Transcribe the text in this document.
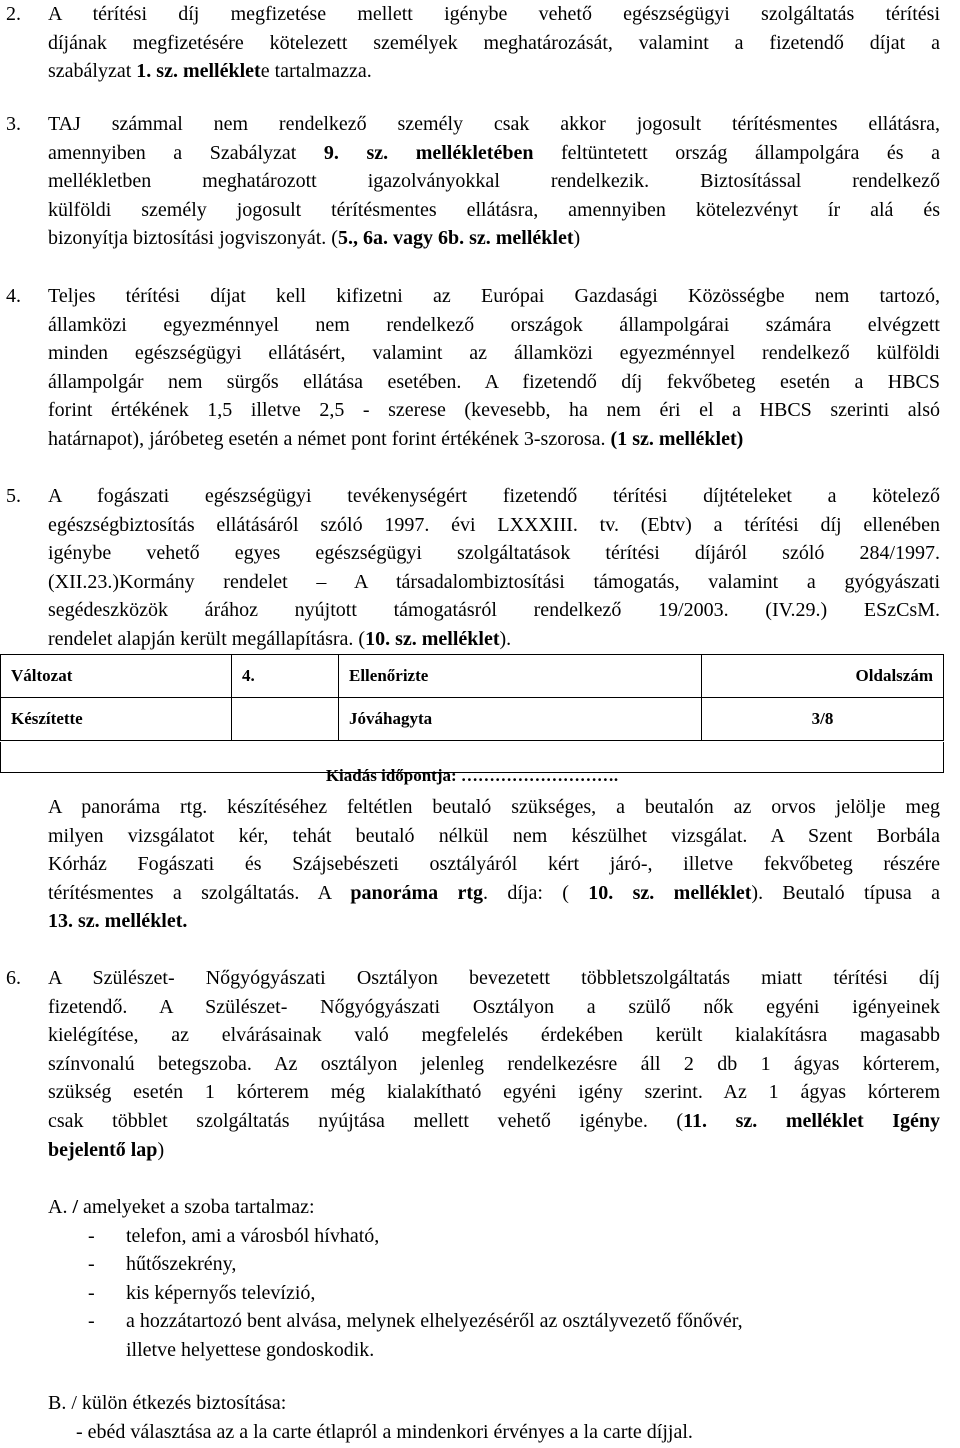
2. A térítési díj megfizetése mellett igénybe vehető egészségügyi szolgáltatás térítési
díjának megfizetésére kötelezett személyek meghatározását, valamint a fizetendő díjat a
szabályzat 1. sz. melléklete tartalmazza.
3. TAJ számmal nem rendelkező személy csak akkor jogosult térítésmentes ellátásra,
amennyiben a Szabályzat 9. sz. mellékletében feltüntetett ország állampolgára és a
mellékletben meghatározott igazolványokkal rendelkezik. Biztosítással rendelkező
külföldi személy jogosult térítésmentes ellátásra, amennyiben kötelezvényt ír alá és
bizonyítja biztosítási jogviszonyát. (5., 6a. vagy 6b. sz. melléklet)
4. Teljes térítési díjat kell kifizetni az Európai Gazdasági Közösségbe nem tartozó,
államközi egyezménnyel nem rendelkező országok állampolgárai számára elvégzett
minden egészségügyi ellátásért, valamint az államközi egyezménnyel rendelkező külföldi
állampolgár nem sürgős ellátása esetében. A fizetendő díj fekvőbeteg esetén a HBCS
forint értékének 1,5 illetve 2,5 - szerese (kevesebb, ha nem éri el a HBCS szerinti alsó
határnapot), járóbeteg esetén a német pont forint értékének 3-szorosa. (1 sz. melléklet)
5. A fogászati egészségügyi tevékenységért fizetendő térítési díjtételeket a kötelező
egészségbiztosítás ellátásáról szóló 1997. évi LXXXIII. tv. (Ebtv) a térítési díj ellenében
igénybe vehető egyes egészségügyi szolgáltatások térítési díjáról szóló 284/1997.
(XII.23.)Kormány rendelet – A társadalombiztosítási támogatás, valamint a gyógyászati
segédeszközök árához nyújtott támogatásról rendelkező 19/2003. (IV.29.) ESzCsM.
rendelet alapján került megállapításra. (10. sz. melléklet).
Változat	4.	Ellenőrizte	Oldalszám
Készítette		Jóváhagyta	3/8
Kiadás időpontja: ……………………….
A panoráma rtg. készítéséhez feltétlen beutaló szükséges, a beutalón az orvos jelölje meg
milyen vizsgálatot kér, tehát beutaló nélkül nem készülhet vizsgálat. A Szent Borbála
Kórház Fogászati és Szájsebészeti osztályáról kért járó-, illetve fekvőbeteg részére
térítésmentes a szolgáltatás. A panoráma rtg. díja: ( 10. sz. melléklet). Beutaló típusa a
13. sz. melléklet.
6. A Szülészet- Nőgyógyászati Osztályon bevezetett többletszolgáltatás miatt térítési díj
fizetendő. A Szülészet- Nőgyógyászati Osztályon a szülő nők egyéni igényeinek
kielégítése, az elvárásainak való megfelelés érdekében került kialakításra magasabb
színvonalú betegszoba. Az osztályon jelenleg rendelkezésre áll 2 db 1 ágyas kórterem,
szükség esetén 1 kórterem még kialakítható egyéni igény szerint. Az 1 ágyas kórterem
csak többlet szolgáltatás nyújtása mellett vehető igénybe. (11. sz. melléklet Igény
bejelentő lap)
A. / amelyeket a szoba tartalmaz:
- telefon, ami a városból hívható,
- hűtőszekrény,
- kis képernyős televízió,
- a hozzátartozó bent alvása, melynek elhelyezéséről az osztályvezető főnővér,
illetve helyettese gondoskodik.
B. / külön étkezés biztosítása:
- ebéd választása az a la carte étlapról a mindenkori érvényes a la carte díjjal.
